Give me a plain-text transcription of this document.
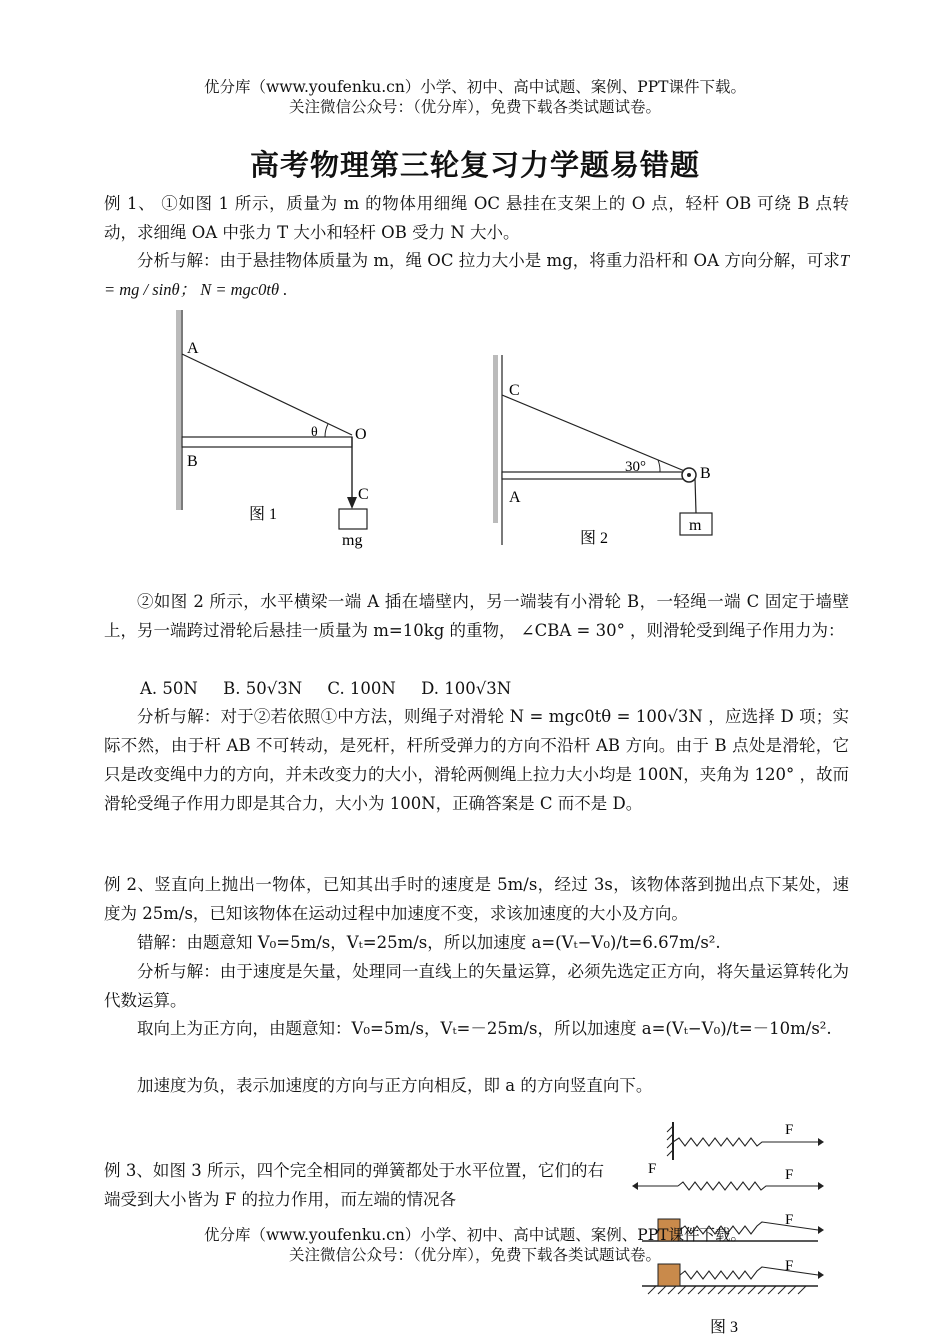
优分库（www.youfenku.cn）小学、初中、高中试题、案例、PPT课件下载。
关注微信公众号：（优分库），免费下载各类试题试卷。
高考物理第三轮复习力学题易错题
例 1、 ①如图 1 所示，质量为 m 的物体用细绳 OC 悬挂在支架上的 O 点，轻杆 OB 可绕 B 点转动，求细绳 OA 中张力 T 大小和轻杆 OB 受力 N 大小。
分析与解：由于悬挂物体质量为 m，绳 OC 拉力大小是 mg，将重力沿杆和 OA 方向分解，可求T = mg / sinθ； N = mgc0tθ .
A
B
O
C
θ
mg
图 1
C
A
B
30°
m
图 2
②如图 2 所示，水平横梁一端 A 插在墙壁内，另一端装有小滑轮 B，一轻绳一端 C 固定于墙壁上，另一端跨过滑轮后悬挂一质量为 m=10kg 的重物， ∠CBA = 30° ，则滑轮受到绳子作用力为：
A. 50N B. 50√3N C. 100N D. 100√3N
分析与解：对于②若依照①中方法，则绳子对滑轮 N = mgc0tθ = 100√3N ，应选择 D 项；实际不然，由于杆 AB 不可转动，是死杆，杆所受弹力的方向不沿杆 AB 方向。由于 B 点处是滑轮，它只是改变绳中力的方向，并未改变力的大小，滑轮两侧绳上拉力大小均是 100N，夹角为 120° ，故而滑轮受绳子作用力即是其合力，大小为 100N，正确答案是 C 而不是 D。
例 2、竖直向上抛出一物体，已知其出手时的速度是 5m/s，经过 3s，该物体落到抛出点下某处，速度为 25m/s，已知该物体在运动过程中加速度不变，求该加速度的大小及方向。
错解：由题意知 V₀=5m/s，Vₜ=25m/s，所以加速度 a=(Vₜ−V₀)/t=6.67m/s².
分析与解：由于速度是矢量，处理同一直线上的矢量运算，必须先选定正方向，将矢量运算转化为代数运算。
取向上为正方向，由题意知：V₀=5m/s，Vₜ=－25m/s，所以加速度 a=(Vₜ−V₀)/t=－10m/s².
加速度为负，表示加速度的方向与正方向相反，即 a 的方向竖直向下。
例 3、如图 3 所示，四个完全相同的弹簧都处于水平位置，它们的右端受到大小皆为 F 的拉力作用，而左端的情况各
F
F	F
F
F
图 3
优分库（www.youfenku.cn）小学、初中、高中试题、案例、PPT课件下载。
关注微信公众号：（优分库），免费下载各类试题试卷。
